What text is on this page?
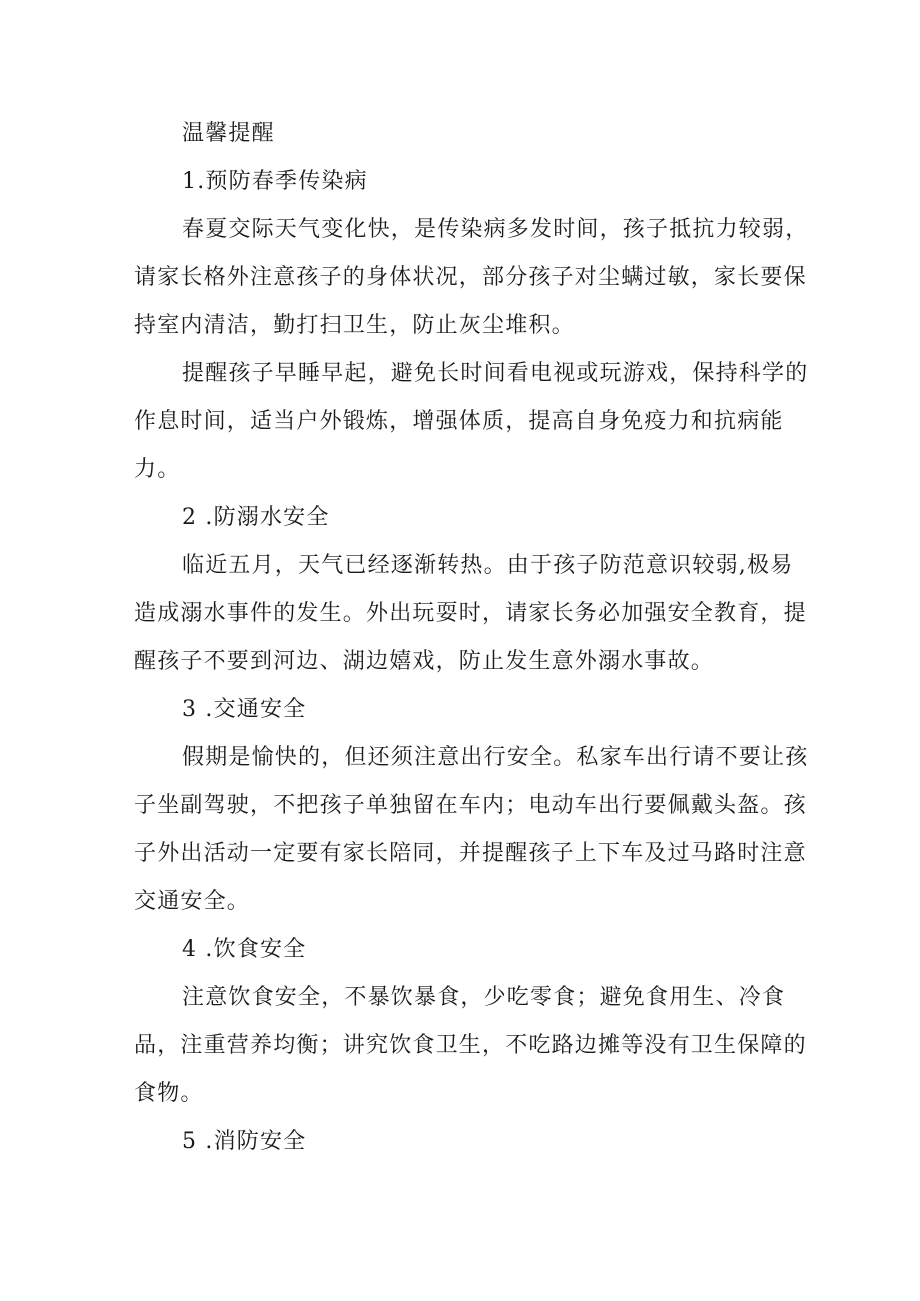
温馨提醒

1.预防春季传染病

春夏交际天气变化快，是传染病多发时间，孩子抵抗力较弱，请家长格外注意孩子的身体状况，部分孩子对尘螨过敏，家长要保持室内清洁，勤打扫卫生，防止灰尘堆积。

提醒孩子早睡早起，避免长时间看电视或玩游戏，保持科学的作息时间，适当户外锻炼，增强体质，提高自身免疫力和抗病能力。

2 .防溺水安全

临近五月，天气已经逐渐转热。由于孩子防范意识较弱,极易造成溺水事件的发生。外出玩耍时，请家长务必加强安全教育，提醒孩子不要到河边、湖边嬉戏，防止发生意外溺水事故。

3 .交通安全

假期是愉快的，但还须注意出行安全。私家车出行请不要让孩子坐副驾驶，不把孩子单独留在车内；电动车出行要佩戴头盔。孩子外出活动一定要有家长陪同，并提醒孩子上下车及过马路时注意交通安全。

4 .饮食安全

注意饮食安全，不暴饮暴食，少吃零食；避免食用生、冷食品，注重营养均衡；讲究饮食卫生，不吃路边摊等没有卫生保障的食物。

5 .消防安全
